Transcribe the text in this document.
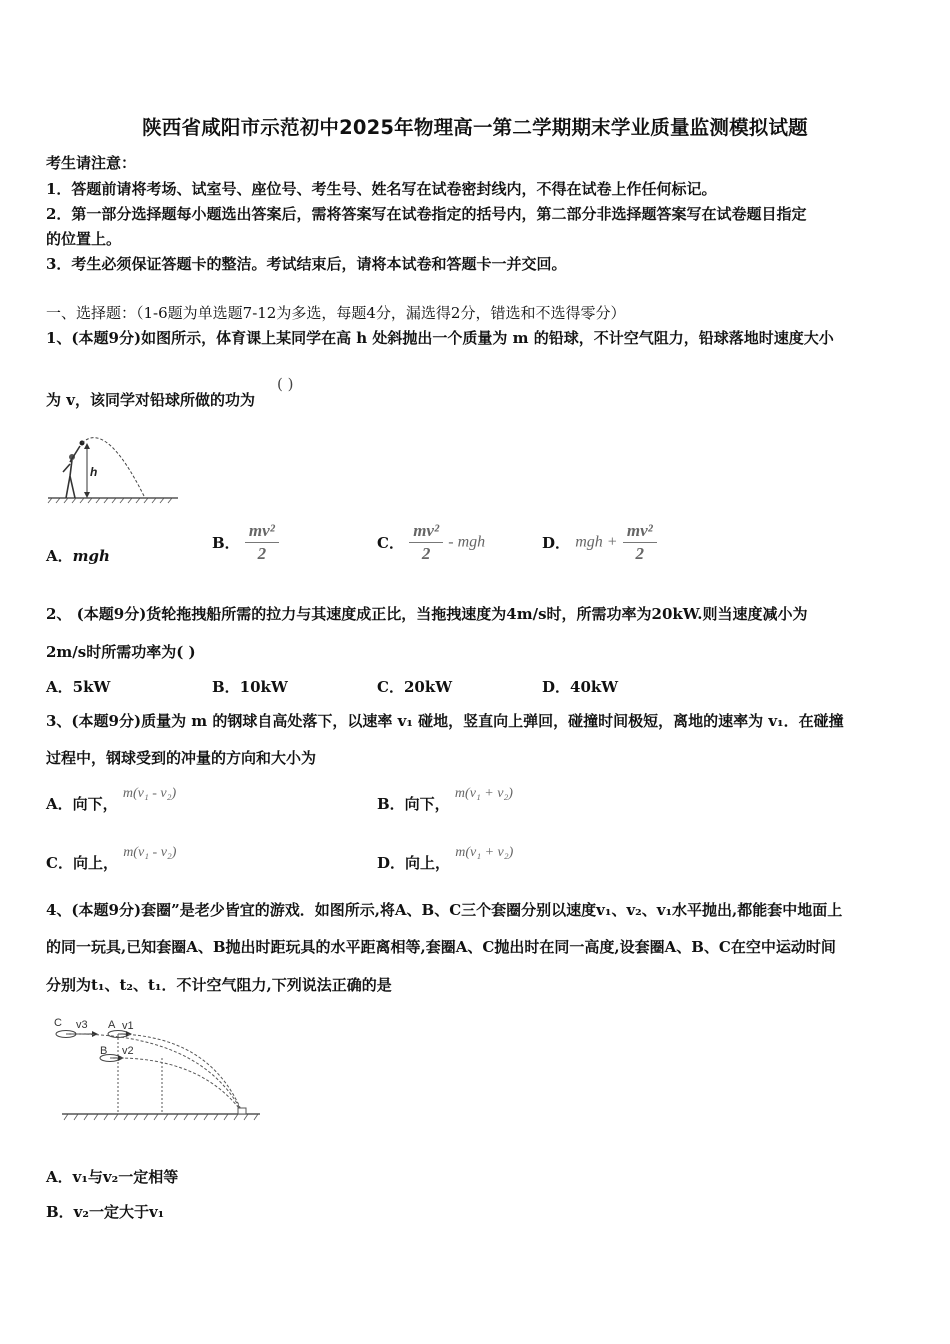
陕西省咸阳市示范初中2025年物理高一第二学期期末学业质量监测模拟试题
考生请注意：
1．答题前请将考场、试室号、座位号、考生号、姓名写在试卷密封线内，不得在试卷上作任何标记。
2．第一部分选择题每小题选出答案后，需将答案写在试卷指定的括号内，第二部分非选择题答案写在试卷题目指定
的位置上。
3．考生必须保证答题卡的整洁。考试结束后，请将本试卷和答题卡一并交回。
一、选择题：（1-6题为单选题7-12为多选，每题4分，漏选得2分，错选和不选得零分）
1、(本题9分)如图所示，体育课上某同学在高 h 处斜抛出一个质量为 m 的铅球，不计空气阻力，铅球落地时速度大小
为 v，该同学对铅球所做的功为
( )
h
A．mgh
B． $\frac{\text{mv²}}{2}$	C． $\frac{\text{mv²}}{2}$ - mgh	D． mgh + $\frac{\text{mv²}}{2}$
2、 (本题9分)货轮拖拽船所需的拉力与其速度成正比，当拖拽速度为4m/s时，所需功率为20kW.则当速度减小为
2m/s时所需功率为( )
A．5kW	B．10kW	C．20kW	D．40kW
3、(本题9分)质量为 m 的钢球自高处落下，以速率 v₁ 碰地，竖直向上弹回，碰撞时间极短，离地的速率为 v₁．在碰撞
过程中，钢球受到的冲量的方向和大小为
A．向下， m(v₁ - v₂)
B．向下， m(v₁ + v₂)
C．向上， m(v₁ - v₂)
D．向上， m(v₁ + v₂)
4、(本题9分)套圈”是老少皆宜的游戏．如图所示,将A、B、C三个套圈分别以速度v₁、v₂、v₁水平抛出,都能套中地面上
的同一玩具,已知套圈A、B抛出时距玩具的水平距离相等,套圈A、C抛出时在同一高度,设套圈A、B、C在空中运动时间
分别为t₁、t₂、t₁．不计空气阻力,下列说法正确的是
C v3 A v1
B v2
A．v₁与v₂一定相等
B．v₂一定大于v₁
